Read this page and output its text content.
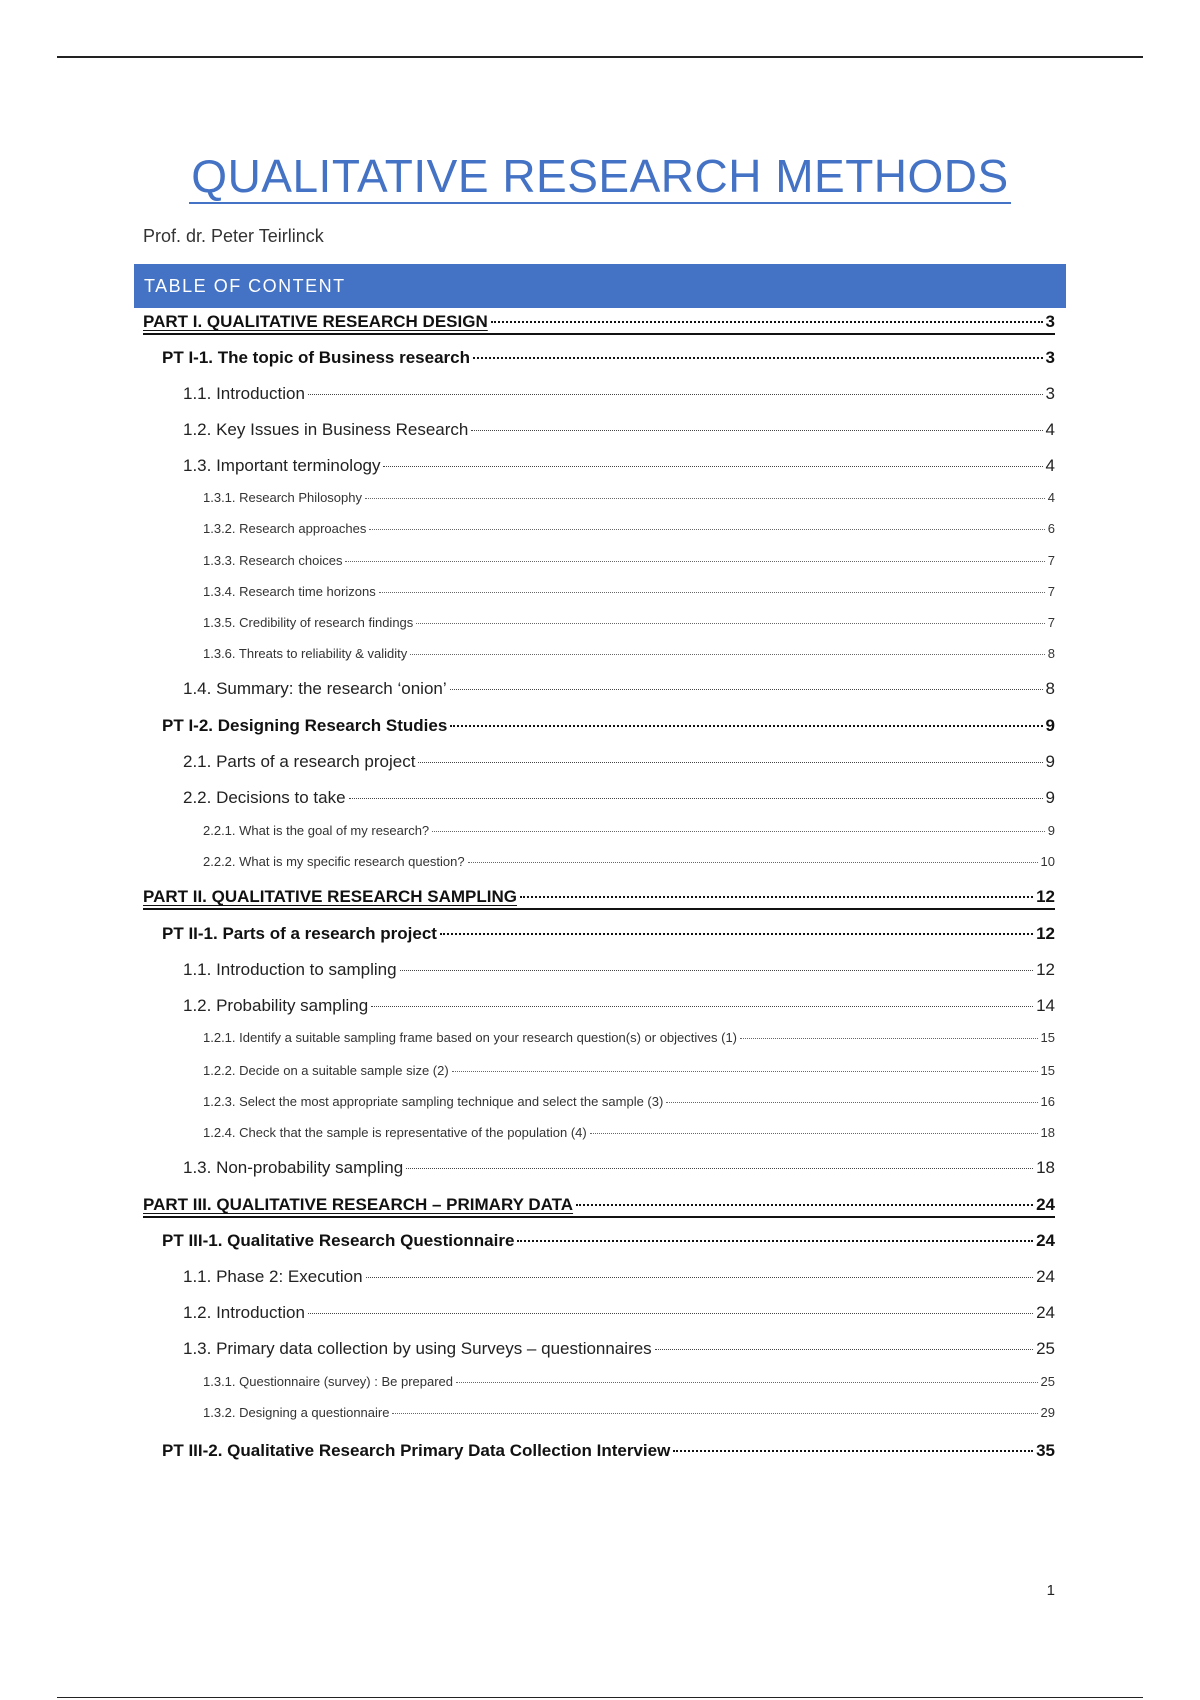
QUALITATIVE RESEARCH METHODS
Prof. dr. Peter Teirlinck
TABLE OF CONTENT
PART I. QUALITATIVE RESEARCH DESIGN	3
PT I-1. The topic of Business research	3
1.1. Introduction	3
1.2. Key Issues in Business Research	4
1.3. Important terminology	4
1.3.1. Research Philosophy	4
1.3.2. Research approaches	6
1.3.3. Research choices	7
1.3.4. Research time horizons	7
1.3.5. Credibility of research findings	7
1.3.6. Threats to reliability & validity	8
1.4. Summary: the research ‘onion’	8
PT I-2. Designing Research Studies	9
2.1. Parts of a research project	9
2.2. Decisions to take	9
2.2.1. What is the goal of my research?	9
2.2.2. What is my specific research question?	10
PART II. QUALITATIVE RESEARCH SAMPLING	12
PT II-1. Parts of a research project	12
1.1. Introduction to sampling	12
1.2. Probability sampling	14
1.2.1. Identify a suitable sampling frame based on your research question(s) or objectives (1)	15
1.2.2. Decide on a suitable sample size (2)	15
1.2.3. Select the most appropriate sampling technique and select the sample (3)	16
1.2.4. Check that the sample is representative of the population (4)	18
1.3. Non-probability sampling	18
PART III. QUALITATIVE RESEARCH – PRIMARY DATA	24
PT III-1. Qualitative Research Questionnaire	24
1.1. Phase 2: Execution	24
1.2. Introduction	24
1.3. Primary data collection by using Surveys – questionnaires	25
1.3.1. Questionnaire (survey) : Be prepared	25
1.3.2. Designing a questionnaire	29
PT III-2. Qualitative Research Primary Data Collection Interview	35
1
